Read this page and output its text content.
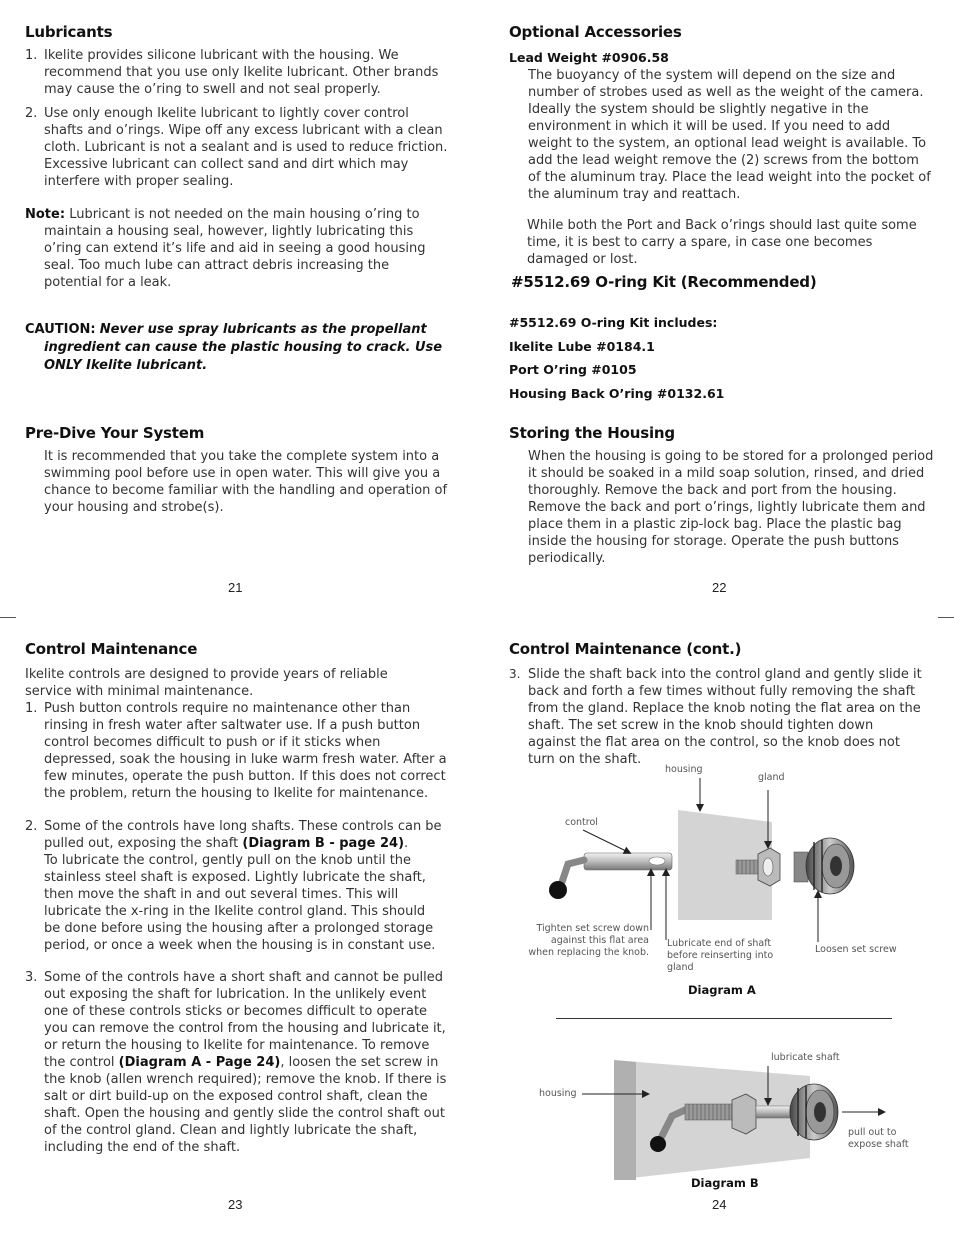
Lubricants
1. Ikelite provides silicone lubricant with the housing. We recommend that you use only Ikelite lubricant. Other brands may cause the o’ring to swell and not seal properly.
2. Use only enough Ikelite lubricant to lightly cover control shafts and o’rings. Wipe off any excess lubricant with a clean cloth. Lubricant is not a sealant and is used to reduce friction. Excessive lubricant can collect sand and dirt which may interfere with proper sealing.
Note: Lubricant is not needed on the main housing o’ring to maintain a housing seal, however, lightly lubricating this o’ring can extend it’s life and aid in seeing a good housing seal. Too much lube can attract debris increasing the potential for a leak.
CAUTION: Never use spray lubricants as the propellant ingredient can cause the plastic housing to crack. Use ONLY Ikelite lubricant.
Pre-Dive Your System
It is recommended that you take the complete system into a swimming pool before use in open water. This will give you a chance to become familiar with the handling and operation of your housing and strobe(s).
21
Optional Accessories
Lead Weight #0906.58
The buoyancy of the system will depend on the size and number of strobes used as well as the weight of the camera. Ideally the system should be slightly negative in the environment in which it will be used. If you need to add weight to the system, an optional lead weight is available. To add the lead weight remove the (2) screws from the bottom of the aluminum tray. Place the lead weight into the pocket of the aluminum tray and reattach.
While both the Port and Back o’rings should last quite some time, it is best to carry a spare, in case one becomes damaged or lost.
#5512.69 O-ring Kit (Recommended)
#5512.69 O-ring Kit includes:
Ikelite Lube #0184.1
Port O’ring #0105
Housing Back O’ring #0132.61
Storing the Housing
When the housing is going to be stored for a prolonged period it should be soaked in a mild soap solution, rinsed, and dried thoroughly. Remove the back and port from the housing. Remove the back and port o’rings, lightly lubricate them and place them in a plastic zip-lock bag. Place the plastic bag inside the housing for storage. Operate the push buttons periodically.
22
Control Maintenance
Ikelite controls are designed to provide years of reliable service with minimal maintenance.
1. Push button controls require no maintenance other than rinsing in fresh water after saltwater use. If a push button control becomes difficult to push or if it sticks when depressed, soak the housing in luke warm fresh water. After a few minutes, operate the push button. If this does not correct the problem, return the housing to Ikelite for maintenance.
2. Some of the controls have long shafts. These controls can be pulled out, exposing the shaft (Diagram B - page 24).
To lubricate the control, gently pull on the knob until the stainless steel shaft is exposed. Lightly lubricate the shaft, then move the shaft in and out several times. This will lubricate the x-ring in the Ikelite control gland. This should be done before using the housing after a prolonged storage period, or once a week when the housing is in constant use.
3. Some of the controls have a short shaft and cannot be pulled out exposing the shaft for lubrication. In the unlikely event one of these controls sticks or becomes difficult to operate you can remove the control from the housing and lubricate it, or return the housing to Ikelite for maintenance. To remove the control (Diagram A - Page 24), loosen the set screw in the knob (allen wrench required); remove the knob. If there is salt or dirt build-up on the exposed control shaft, clean the shaft. Open the housing and gently slide the control shaft out of the control gland. Clean and lightly lubricate the shaft, including the end of the shaft.
23
Control Maintenance (cont.)
3. Slide the shaft back into the control gland and gently slide it back and forth a few times without fully removing the shaft from the gland. Replace the knob noting the flat area on the shaft. The set screw in the knob should tighten down against the flat area on the control, so the knob does not turn on the shaft.
housing
gland
control
Tighten set screw down against this flat area when replacing the knob.
Lubricate end of shaft before reinserting into gland
Loosen set screw
Diagram A
lubricate shaft
housing
pull out to expose shaft
Diagram B
24
